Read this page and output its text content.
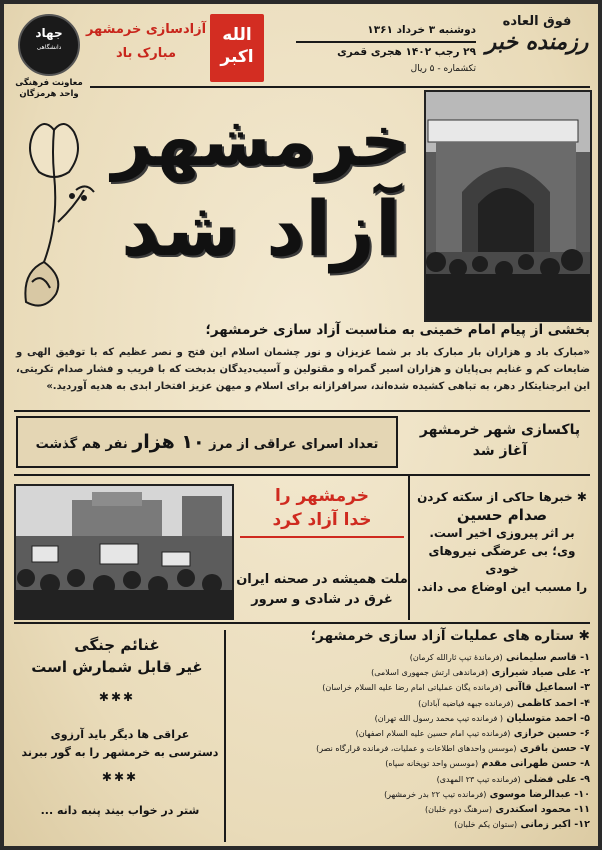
فوق العاده
رزمنده خبر
دوشنبه ۳ خرداد ۱۳۶۱
۲۹ رجب ۱۴۰۲ هجری قمری
تکشماره - ۵ ریال
الله
اکبر
آزادسازی خرمشهر
مبارک باد
جهاد
دانشگاهی
معاونت فرهنگی
واحد هرمزگان
خرمشهر
آزاد شد
بخشی از پیام امام خمینی به مناسبت آزاد سازی خرمشهر؛
«مبارک باد و هزاران بار مبارک باد بر شما عزیزان و نور چشمان اسلام این فتح و نصر عظیم که با توفیق الهی و ضایعات کم و غنایم بی‌پایان و هزاران اسیر گمراه و مقتولین و آسیب‌دیدگان بدبخت که با فریب و فشار صدام تکریتی، این ابرجنایتکار دهر، به تباهی کشیده شده‌اند، سرافرازانه برای اسلام و میهن عزیز افتخار ابدی به هدیه آوردید.»
تعداد اسرای عراقی از مرز ۱۰ هزار نفر هم گذشت
پاکسازی شهر خرمشهر
آغاز شد
خرمشهر را
خدا آزاد کرد
ملت همیشه در صحنه ایران
غرق در شادی و سرور
✱ خبرها حاکی از سکته کردن
صدام حسین
بر اثر پیروزی اخیر است.
وی؛ بی عرضگی نیروهای خودی
را مسبب این اوضاع می داند.
غنائم جنگی
غیر قابل شمارش است
✱✱✱
عراقی ها دیگر باید آرزوی
دسترسی به خرمشهر را به گور ببرند
✱✱✱
شتر در خواب بیند پنبه دانه ...
✱ ستاره های عملیات آزاد سازی خرمشهر؛
۱- قاسم سلیمانی (فرماندهٔ تیپ ثارالله کرمان)
۲- علی صیاد شیرازی (فرماندهی ارتش جمهوری اسلامی)
۳- اسماعیل قاآنی (فرمانده یگان عملیاتی امام رضا علیه السلام خراسان)
۴- احمد کاظمی (فرمانده جبهه فیاضیه آبادان)
۵- احمد متوسلیان ( فرمانده تیپ محمد رسول الله تهران)
۶- حسین خرازی (فرمانده تیپ امام حسین علیه السلام اصفهان)
۷- حسن باقری (موسس واحدهای اطلاعات و عملیات، فرمانده قرارگاه نصر)
۸- حسن طهرانی مقدم (موسس واحد توپخانه سپاه)
۹- علی فضلی (فرمانده تیپ ۲۳ المهدی)
۱۰- عبدالرضا موسوی (فرمانده تیپ ۲۲ بدر خرمشهر)
۱۱- محمود اسکندری (سرهنگ دوم خلبان)
۱۲- اکبر زمانی (ستوان یکم خلبان)
